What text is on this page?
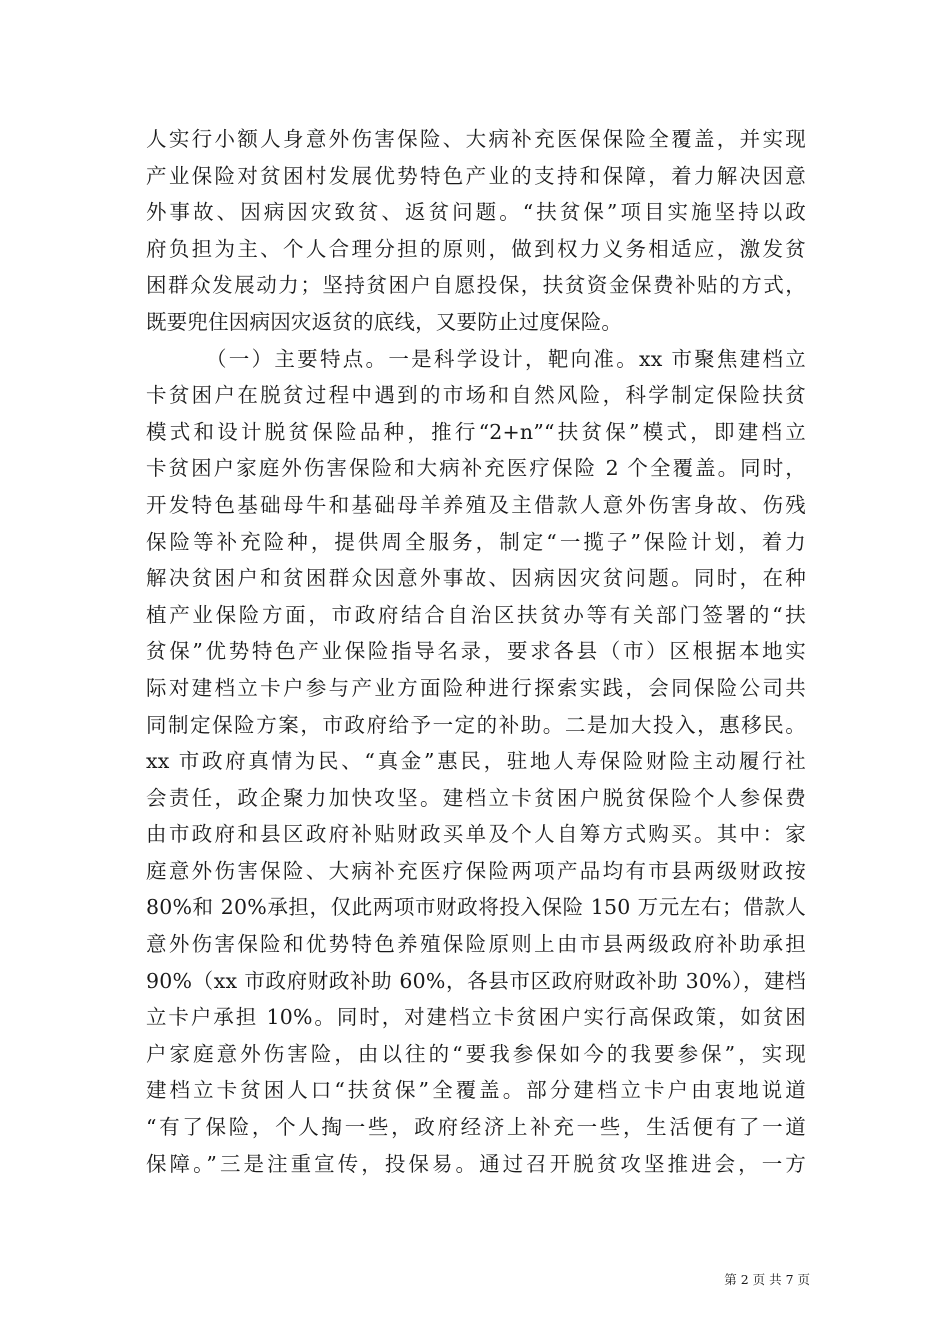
人实行小额人身意外伤害保险、大病补充医保保险全覆盖，并实现
产业保险对贫困村发展优势特色产业的支持和保障，着力解决因意
外事故、因病因灾致贫、返贫问题。“扶贫保”项目实施坚持以政
府负担为主、个人合理分担的原则，做到权力义务相适应，激发贫
困群众发展动力；坚持贫困户自愿投保，扶贫资金保费补贴的方式，
既要兜住因病因灾返贫的底线，又要防止过度保险。
（一）主要特点。一是科学设计，靶向准。xx 市聚焦建档立
卡贫困户在脱贫过程中遇到的市场和自然风险，科学制定保险扶贫
模式和设计脱贫保险品种，推行“2+n”“扶贫保”模式，即建档立
卡贫困户家庭外伤害保险和大病补充医疗保险 2 个全覆盖。同时，
开发特色基础母牛和基础母羊养殖及主借款人意外伤害身故、伤残
保险等补充险种，提供周全服务，制定“一揽子”保险计划，着力
解决贫困户和贫困群众因意外事故、因病因灾贫问题。同时，在种
植产业保险方面，市政府结合自治区扶贫办等有关部门签署的“扶
贫保”优势特色产业保险指导名录，要求各县（市）区根据本地实
际对建档立卡户参与产业方面险种进行探索实践，会同保险公司共
同制定保险方案，市政府给予一定的补助。二是加大投入，惠移民。
xx 市政府真情为民、“真金”惠民，驻地人寿保险财险主动履行社
会责任，政企聚力加快攻坚。建档立卡贫困户脱贫保险个人参保费
由市政府和县区政府补贴财政买单及个人自筹方式购买。其中：家
庭意外伤害保险、大病补充医疗保险两项产品均有市县两级财政按
80%和 20%承担，仅此两项市财政将投入保险 150 万元左右；借款人
意外伤害保险和优势特色养殖保险原则上由市县两级政府补助承担
90%（xx 市政府财政补助 60%，各县市区政府财政补助 30%），建档
立卡户承担 10%。同时，对建档立卡贫困户实行高保政策，如贫困
户家庭意外伤害险，由以往的“要我参保如今的我要参保”，实现
建档立卡贫困人口“扶贫保”全覆盖。部分建档立卡户由衷地说道
“有了保险，个人掏一些，政府经济上补充一些，生活便有了一道
保障。”三是注重宣传，投保易。通过召开脱贫攻坚推进会，一方
第 2 页 共 7 页
